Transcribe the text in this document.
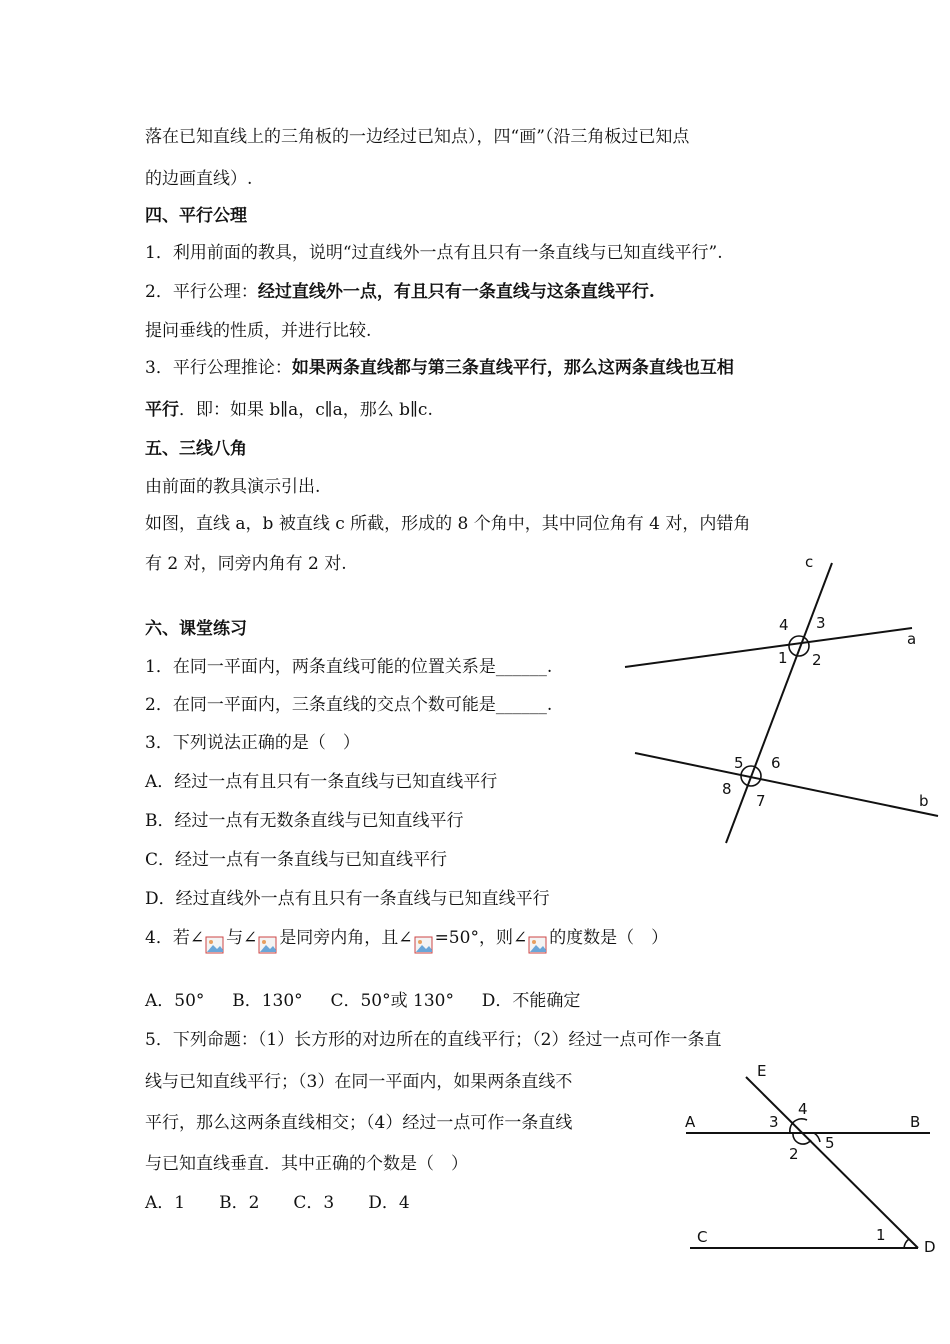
落在已知直线上的三角板的一边经过已知点），四“画”（沿三角板过已知点
的边画直线）.
四、平行公理
1．利用前面的教具，说明“过直线外一点有且只有一条直线与已知直线平行”.
2．平行公理：经过直线外一点，有且只有一条直线与这条直线平行.
提问垂线的性质，并进行比较.
3．平行公理推论：如果两条直线都与第三条直线平行，那么这两条直线也互相
平行．即：如果 b∥a，c∥a，那么 b∥c.
五、三线八角
由前面的教具演示引出.
如图，直线 a，b 被直线 c 所截，形成的 8 个角中，其中同位角有 4 对，内错角
有 2 对，同旁内角有 2 对.
六、课堂练习
1．在同一平面内，两条直线可能的位置关系是______.
2．在同一平面内，三条直线的交点个数可能是______.
3．下列说法正确的是（　）
A．经过一点有且只有一条直线与已知直线平行
B．经过一点有无数条直线与已知直线平行
C．经过一点有一条直线与已知直线平行
D．经过直线外一点有且只有一条直线与已知直线平行
4．若∠ 与∠ 是同旁内角，且∠ =50°，则∠ 的度数是（　）
A．50°　  B．130°　  C．50°或 130°　  D．不能确定
5．下列命题：（1）长方形的对边所在的直线平行；（2）经过一点可作一条直
线与已知直线平行；（3）在同一平面内，如果两条直线不
平行，那么这两条直线相交；（4）经过一点可作一条直线
与已知直线垂直．其中正确的个数是（　）
A．1　　B．2　　C．3　　D．4
c
a
b
4 3
1 2
5 6
8
7
E
A	B
C
D
3
4
2
5
1
